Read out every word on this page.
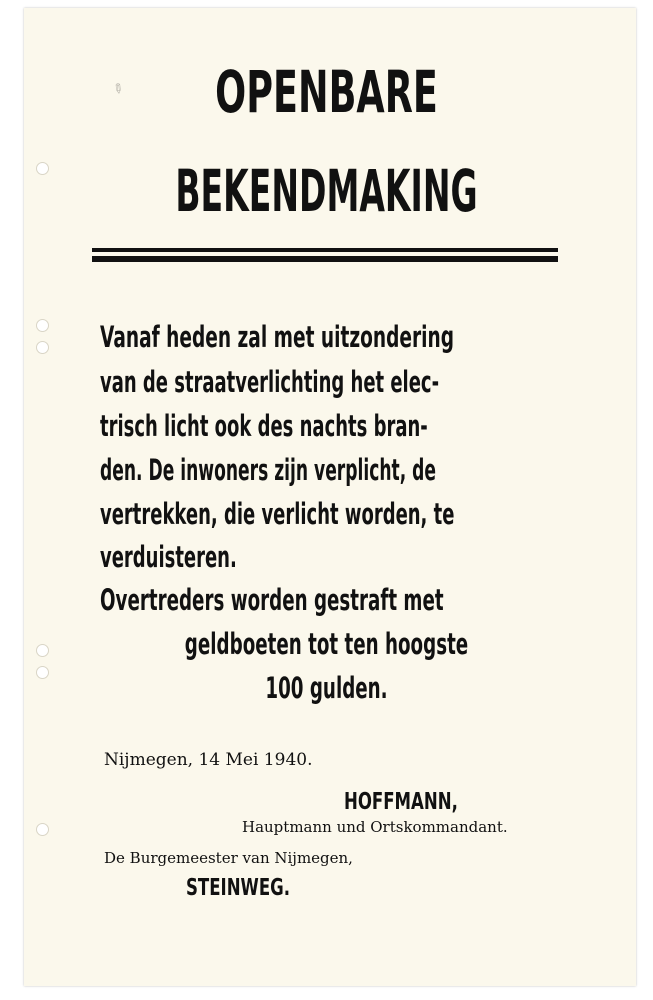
✎	OPENBARE
BEKENDMAKING
Vanaf heden zal met uitzondering
van de straatverlichting het elec-
trisch licht ook des nachts bran-
den. De inwoners zijn verplicht, de
vertrekken, die verlicht worden, te
verduisteren.
Overtreders worden gestraft met
geldboeten tot ten hoogste
100 gulden.
Nijmegen, 14 Mei 1940.
HOFFMANN,
Hauptmann und Ortskommandant.
De Burgemeester van Nijmegen,
STEINWEG.
